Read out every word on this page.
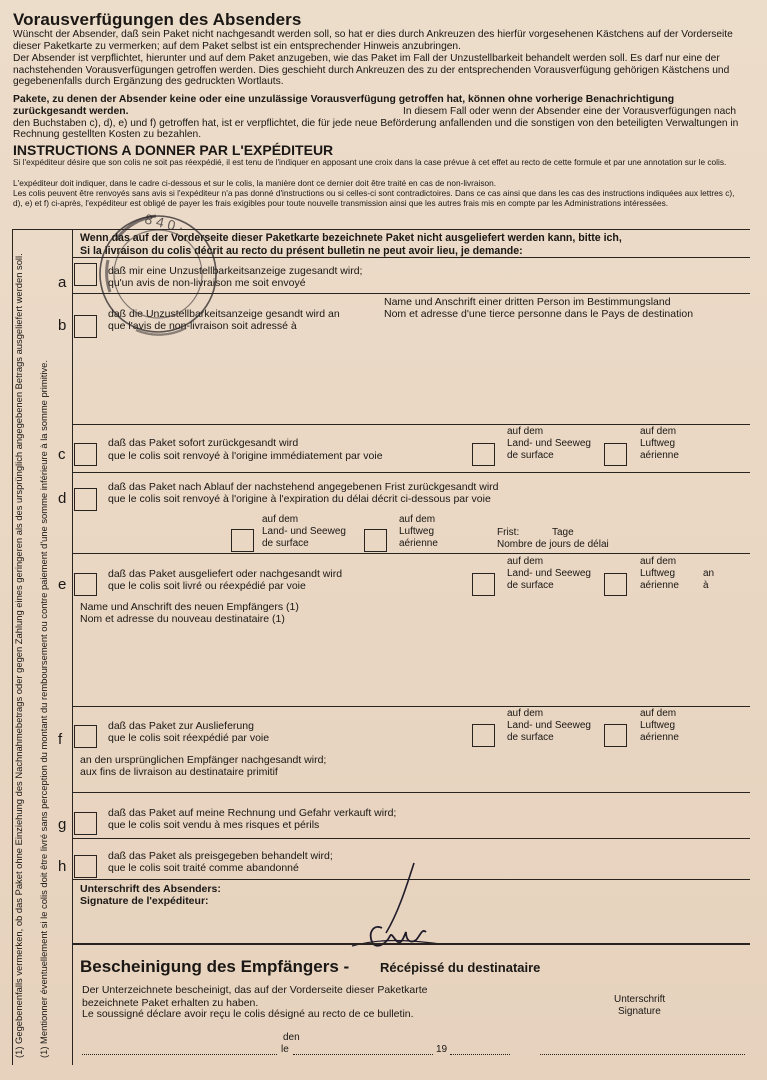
Vorausverfügungen des Absenders
Wünscht der Absender, daß sein Paket nicht nachgesandt werden soll, so hat er dies durch Ankreuzen des hierfür vorgesehenen Kästchens auf der Vorderseite dieser Paketkarte zu vermerken; auf dem Paket selbst ist ein entsprechender Hinweis anzubringen.
Der Absender ist verpflichtet, hierunter und auf dem Paket anzugeben, wie das Paket im Fall der Unzustellbarkeit behandelt werden soll. Es darf nur eine der nachstehenden Vorausverfügungen getroffen werden. Dies geschieht durch Ankreuzen des zu der entsprechenden Vorausverfügung gehörigen Kästchens und gegebenenfalls durch Ergänzung des gedruckten Wortlauts.
Pakete, zu denen der Absender keine oder eine unzulässige Vorausverfügung getroffen hat, können ohne vorherige Benachrichtigung zurückgesandt werden.	In diesem Fall oder wenn der Absender eine der Vorausverfügungen nach den Buchstaben c), d), e) und f) getroffen hat, ist er verpflichtet, die für jede neue Beförderung anfallenden und die sonstigen von den beteiligten Verwaltungen in Rechnung gestellten Kosten zu bezahlen.
INSTRUCTIONS A DONNER PAR L'EXPÉDITEUR
Si l'expéditeur désire que son colis ne soit pas réexpédié, il est tenu de l'indiquer en apposant une croix dans la case prévue à cet effet au recto de cette formule et par une annotation sur le colis.
L'expéditeur doit indiquer, dans le cadre ci-dessous et sur le colis, la manière dont ce dernier doit être traité en cas de non-livraison.
Les colis peuvent être renvoyés sans avis si l'expéditeur n'a pas donné d'instructions ou si celles-ci sont contradictoires. Dans ce cas ainsi que dans les cas des instructions indiquées aux lettres c), d), e) et f) ci-après, l'expéditeur est obligé de payer les frais exigibles pour toute nouvelle transmission ainsi que les autres frais mis en compte par les Administrations intéressées.
(1) Gegebenenfalls vermerken, ob das Paket ohne Einziehung des Nachnahmebetrags oder gegen Zahlung eines geringeren als des ursprünglich angegebenen Betrags ausgeliefert werden soll. (1) Mentionner éventuellement si le colis doit être livré sans perception du montant du remboursement ou contre paiement d'une somme inférieure à la somme primitive.
Wenn das auf der Vorderseite dieser Paketkarte bezeichnete Paket nicht ausgeliefert werden kann, bitte ich,
Si la livraison du colis décrit au recto du présent bulletin ne peut avoir lieu, je demande:
a
daß mir eine Unzustellbarkeitsanzeige zugesandt wird;
qu'un avis de non-livraison me soit envoyé
b
daß die Unzustellbarkeitsanzeige gesandt wird an
que l'avis de non-livraison soit adressé à
Name und Anschrift einer dritten Person im Bestimmungsland
Nom et adresse d'une tierce personne dans le Pays de destination
c
daß das Paket sofort zurückgesandt wird
que le colis soit renvoyé à l'origine immédiatement par voie
auf dem
Land- und Seeweg
de surface
auf dem
Luftweg
aérienne
d
daß das Paket nach Ablauf der nachstehend angegebenen Frist zurückgesandt wird
que le colis soit renvoyé à l'origine à l'expiration du délai décrit ci-dessous par voie
auf dem
Land- und Seeweg
de surface
auf dem
Luftweg
aérienne
Frist:	Tage
Nombre de jours de délai
e
daß das Paket ausgeliefert oder nachgesandt wird
que le colis soit livré ou réexpédié par voie
auf dem
Land- und Seeweg
de surface
auf dem
Luftweg
aérienne
an
à
Name und Anschrift des neuen Empfängers (1)
Nom et adresse du nouveau destinataire (1)
f
daß das Paket zur Auslieferung
que le colis soit réexpédié par voie
auf dem
Land- und Seeweg
de surface
auf dem
Luftweg
aérienne
an den ursprünglichen Empfänger nachgesandt wird;
aux fins de livraison au destinataire primitif
g
daß das Paket auf meine Rechnung und Gefahr verkauft wird;
que le colis soit vendu à mes risques et périls
h
daß das Paket als preisgegeben behandelt wird;
que le colis soit traité comme abandonné
Unterschrift des Absenders:
Signature de l'expéditeur:
Bescheinigung des Empfängers - Récépissé du destinataire
Der Unterzeichnete bescheinigt, das auf der Vorderseite dieser Paketkarte bezeichnete Paket erhalten zu haben.
Le soussigné déclare avoir reçu le colis désigné au recto de ce bulletin.
Unterschrift
Signature
den
le	19
8 4 0 ·
